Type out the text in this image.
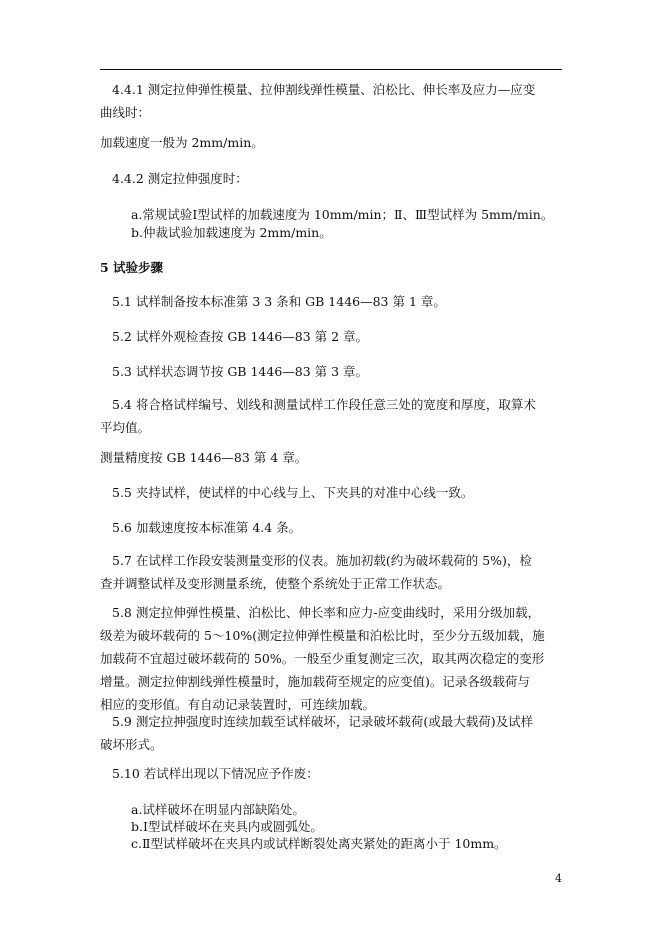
4.4.1 测定拉伸弹性模量、拉伸割线弹性模量、泊松比、伸长率及应力—应变
曲线时：
加载速度一般为 2mm/min。
4.4.2 测定拉伸强度时：
a.常规试验Ⅰ型试样的加载速度为 10mm/min；Ⅱ、Ⅲ型试样为 5mm/min。
b.仲裁试验加载速度为 2mm/min。
5 试验步骤
5.1 试样制备按本标准第 3 3 条和 GB 1446—83 第 1 章。
5.2 试样外观检查按 GB 1446—83 第 2 章。
5.3 试样状态调节按 GB 1446—83 第 3 章。
5.4 将合格试样编号、划线和测量试样工作段任意三处的宽度和厚度，取算术
平均值。
测量精度按 GB 1446—83 第 4 章。
5.5 夹持试样，使试样的中心线与上、下夹具的对准中心线一致。
5.6 加载速度按本标准第 4.4 条。
5.7 在试样工作段安装测量变形的仪表。施加初载(约为破坏载荷的 5%)，检
查并调整试样及变形测量系统，使整个系统处于正常工作状态。
5.8 测定拉伸弹性模量、泊松比、伸长率和应力-应变曲线时，采用分级加载，
级差为破坏载荷的 5～10%(测定拉伸弹性模量和泊松比时，至少分五级加载，施
加载荷不宜超过破坏载荷的 50%。一般至少重复测定三次，取其两次稳定的变形
增量。测定拉伸割线弹性模量时，施加载荷至规定的应变值)。记录各级载荷与
相应的变形值。有自动记录装置时，可连续加载。
5.9 测定拉抻强度时连续加载至试样破坏，记录破坏载荷(或最大载荷)及试样
破坏形式。
5.10 若试样出现以下情况应予作废：
a.试样破坏在明显内部缺陷处。
b.Ⅰ型试样破坏在夹具内或圆弧处。
c.Ⅱ型试样破坏在夹具内或试样断裂处离夹紧处的距离小于 10mm。
4
